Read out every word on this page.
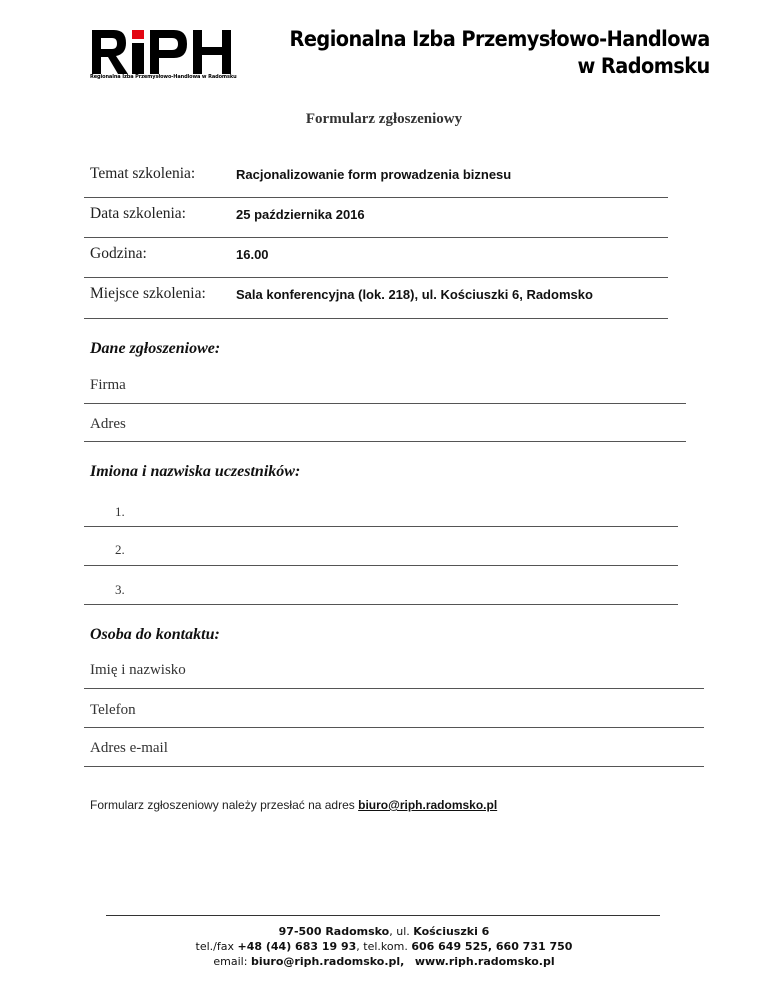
Regionalna Izba Przemysłowo-Handlowa w Radomsku
Regionalna Izba Przemysłowo-Handlowa
w Radomsku
Formularz zgłoszeniowy
Temat szkolenia:	Racjonalizowanie form prowadzenia biznesu
Data szkolenia:	25 października 2016
Godzina:	16.00
Miejsce szkolenia: Sala konferencyjna (lok. 218), ul. Kościuszki 6, Radomsko
Dane zgłoszeniowe:
Firma
Adres
Imiona i nazwiska uczestników:
1.
2.
3.
Osoba do kontaktu:
Imię i nazwisko
Telefon
Adres e-mail
Formularz zgłoszeniowy należy przesłać na adres biuro@riph.radomsko.pl
97-500 Radomsko, ul. Kościuszki 6
tel./fax +48 (44) 683 19 93, tel.kom. 606 649 525, 660 731 750
email: biuro@riph.radomsko.pl, www.riph.radomsko.pl
